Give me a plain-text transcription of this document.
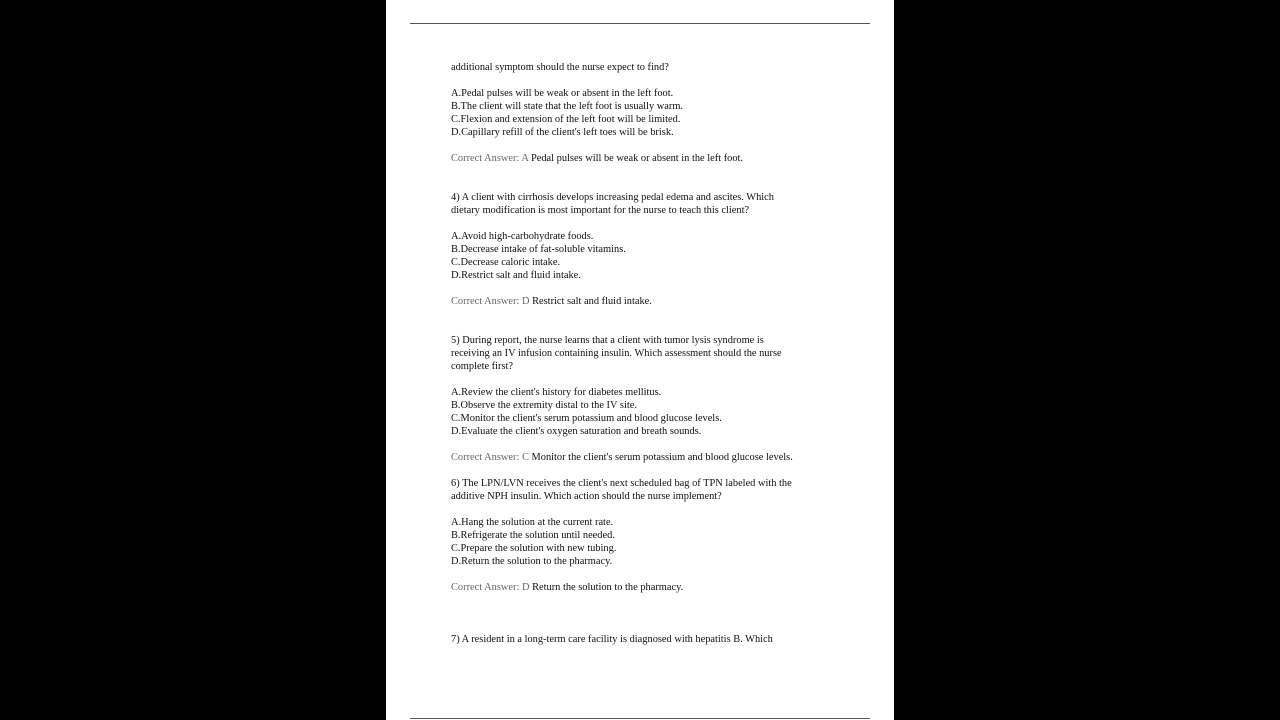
additional symptom should the nurse expect to find?
A.Pedal pulses will be weak or absent in the left foot.
B.The client will state that the left foot is usually warm.
C.Flexion and extension of the left foot will be limited.
D.Capillary refill of the client's left toes will be brisk.
Correct Answer: A Pedal pulses will be weak or absent in the left foot.
4) A client with cirrhosis develops increasing pedal edema and ascites. Which
dietary modification is most important for the nurse to teach this client?
A.Avoid high-carbohydrate foods.
B.Decrease intake of fat-soluble vitamins.
C.Decrease caloric intake.
D.Restrict salt and fluid intake.
Correct Answer: D Restrict salt and fluid intake.
5) During report, the nurse learns that a client with tumor lysis syndrome is
receiving an IV infusion containing insulin. Which assessment should the nurse
complete first?
A.Review the client's history for diabetes mellitus.
B.Observe the extremity distal to the IV site.
C.Monitor the client's serum potassium and blood glucose levels.
D.Evaluate the client's oxygen saturation and breath sounds.
Correct Answer: C Monitor the client's serum potassium and blood glucose levels.
6) The LPN/LVN receives the client's next scheduled bag of TPN labeled with the
additive NPH insulin. Which action should the nurse implement?
A.Hang the solution at the current rate.
B.Refrigerate the solution until needed.
C.Prepare the solution with new tubing.
D.Return the solution to the pharmacy.
Correct Answer: D Return the solution to the pharmacy.
7) A resident in a long-term care facility is diagnosed with hepatitis B. Which
